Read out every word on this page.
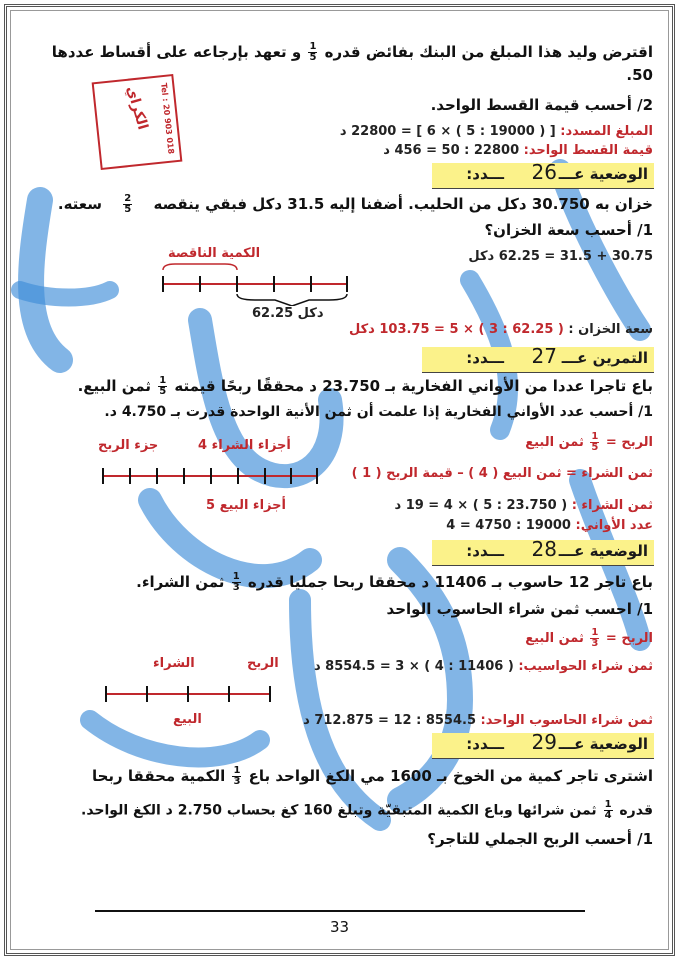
اقترض وليد هذا المبلغ من البنك بفائض قدره
$\frac{1}{5}$
و تعهد بإرجاعه على أقساط عددها
50.
2/ أحسب قيمة القسط الواحد.
المبلغ المسدد: [ ( 19000 : 5 ) × 6 ] = 22800 د
قيمة القسط الواحد: 22800 : 50 = 456 د
Tel : 20 903 018
الكراي
الوضعية عـــ
26
ـــدد:
خزان به 30.750 دكل من الحليب. أضفنا إليه 31.5 دكل فبقي ينقصه
$\frac{2}{5}$
سعته.
1/ أحسب سعة الخزان؟
30.75 + 31.5 = 62.25 دكل
الكمية الناقصة
62.25 دكل
سعة الخزان : ( 62.25 : 3 ) × 5 = 103.75 دكل
التمرين عـــ
27
ـــدد:
باع تاجرا عددا من الأواني الفخارية بـ 23.750 د محققًا ربحًا قيمته
$\frac{1}{5}$
ثمن البيع.
1/ أحسب عدد الأواني الفخارية إذا علمت أن ثمن الأنية الواحدة قدرت بـ 4.750 د.
الربح =
$\frac{1}{5}$
ثمن البيع
جزء الربح	4 أجزاء الشراء
ثمن الشراء = ثمن البيع ( 4 ) – قيمة الربح ( 1 )
5 أجزاء البيع	ثمن الشراء : ( 23.750 : 5 ) × 4 = 19 د
عدد الأواني: 19000 : 4750 = 4
الوضعية عـــ
28
ـــدد:
باع تاجر 12 حاسوب بـ 11406 د محققا ربحا جمليا قدره
$\frac{1}{3}$
ثمن الشراء.
1/ احسب ثمن شراء الحاسوب الواحد
الربح =
$\frac{1}{3}$
ثمن البيع
الشراء	الربح	ثمن شراء الحواسيب: ( 11406 : 4 ) × 3 = 8554.5 د
البيع	ثمن شراء الحاسوب الواحد: 8554.5 : 12 = 712.875 د
الوضعية عـــ
29
ـــدد:
اشترى تاجر كمية من الخوخ بـ 1600 مي الكغ الواحد باع
$\frac{1}{3}$
الكمية محققا ربحا
قدره
$\frac{1}{4}$
ثمن شرائها وباع الكمية المتبقيّة وتبلغ 160 كغ بحساب 2.750 د الكغ الواحد.
1/ أحسب الربح الجملي للتاجر؟
33
